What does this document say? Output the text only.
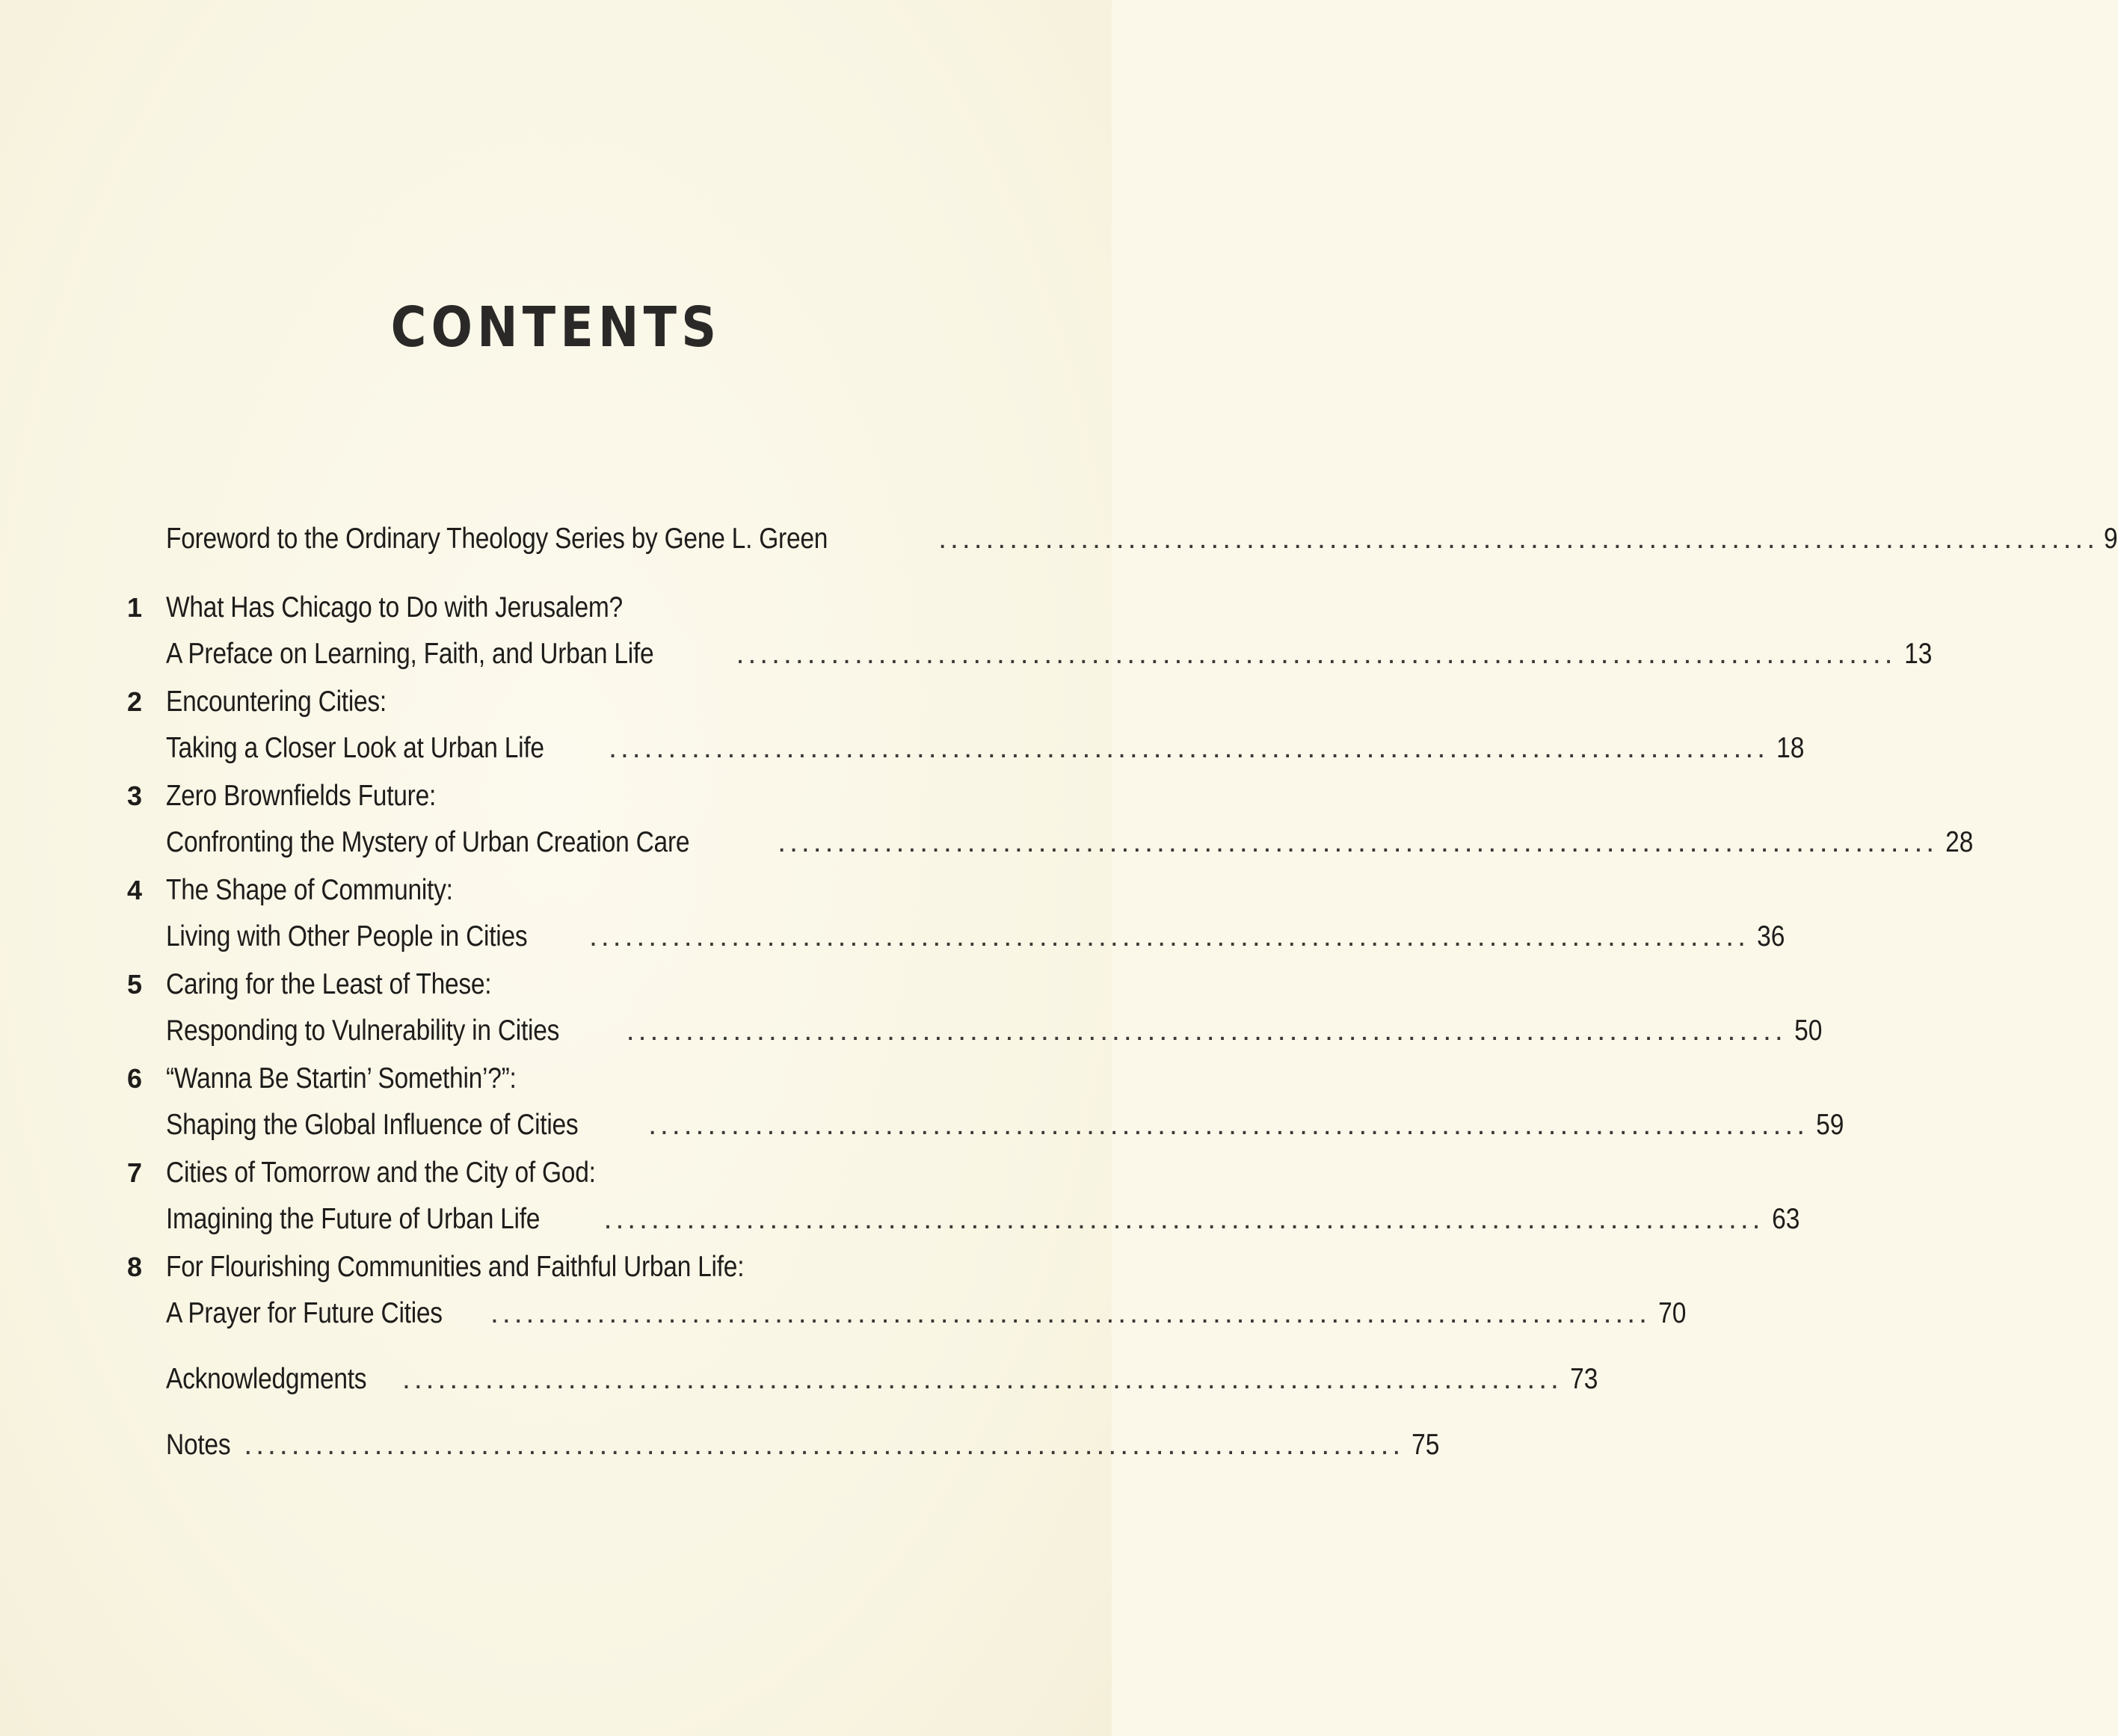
CONTENTS
Foreword to the Ordinary Theology Series by Gene L. Green	.................................................................................................. 9
1 What Has Chicago to Do with Jerusalem?
A Preface on Learning, Faith, and Urban Life	.................................................................................................. 13
2 Encountering Cities:
Taking a Closer Look at Urban Life .................................................................................................. 18
3 Zero Brownfields Future:
Confronting the Mystery of Urban Creation Care	.................................................................................................. 28
4 The Shape of Community:
Living with Other People in Cities .................................................................................................. 36
5 Caring for the Least of These:
Responding to Vulnerability in Cities .................................................................................................. 50
6 “Wanna Be Startin’ Somethin’?”:
Shaping the Global Influence of Cities .................................................................................................. 59
7 Cities of Tomorrow and the City of God:
Imagining the Future of Urban Life .................................................................................................. 63
8 For Flourishing Communities and Faithful Urban Life:
A Prayer for Future Cities .................................................................................................. 70
Acknowledgments .................................................................................................. 73
Notes .................................................................................................. 75
